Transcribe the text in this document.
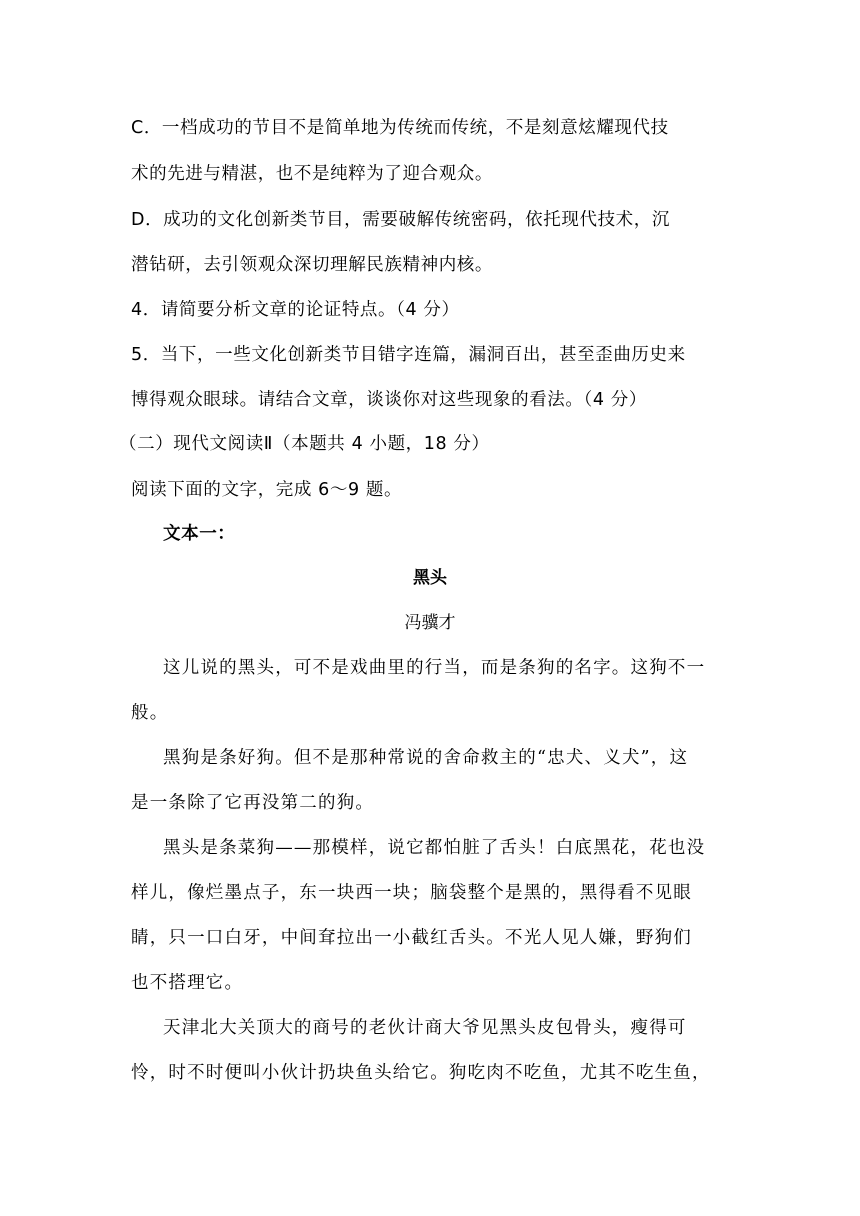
C．一档成功的节目不是简单地为传统而传统，不是刻意炫耀现代技
术的先进与精湛，也不是纯粹为了迎合观众。
D．成功的文化创新类节目，需要破解传统密码，依托现代技术，沉
潜钻研，去引领观众深切理解民族精神内核。
4．请简要分析文章的论证特点。（4 分）
5．当下，一些文化创新类节目错字连篇，漏洞百出，甚至歪曲历史来
博得观众眼球。请结合文章，谈谈你对这些现象的看法。（4 分）
（二）现代文阅读Ⅱ（本题共 4 小题，18 分）
阅读下面的文字，完成 6～9 题。
文本一：
黑头
冯骥才
这儿说的黑头，可不是戏曲里的行当，而是条狗的名字。这狗不一
般。
黑狗是条好狗。但不是那种常说的舍命救主的“忠犬、义犬”，这
是一条除了它再没第二的狗。
黑头是条菜狗——那模样，说它都怕脏了舌头！白底黑花，花也没
样儿，像烂墨点子，东一块西一块；脑袋整个是黑的，黑得看不见眼
睛，只一口白牙，中间耷拉出一小截红舌头。不光人见人嫌，野狗们
也不搭理它。
天津北大关顶大的商号的老伙计商大爷见黑头皮包骨头，瘦得可
怜，时不时便叫小伙计扔块鱼头给它。狗吃肉不吃鱼，尤其不吃生鱼，
